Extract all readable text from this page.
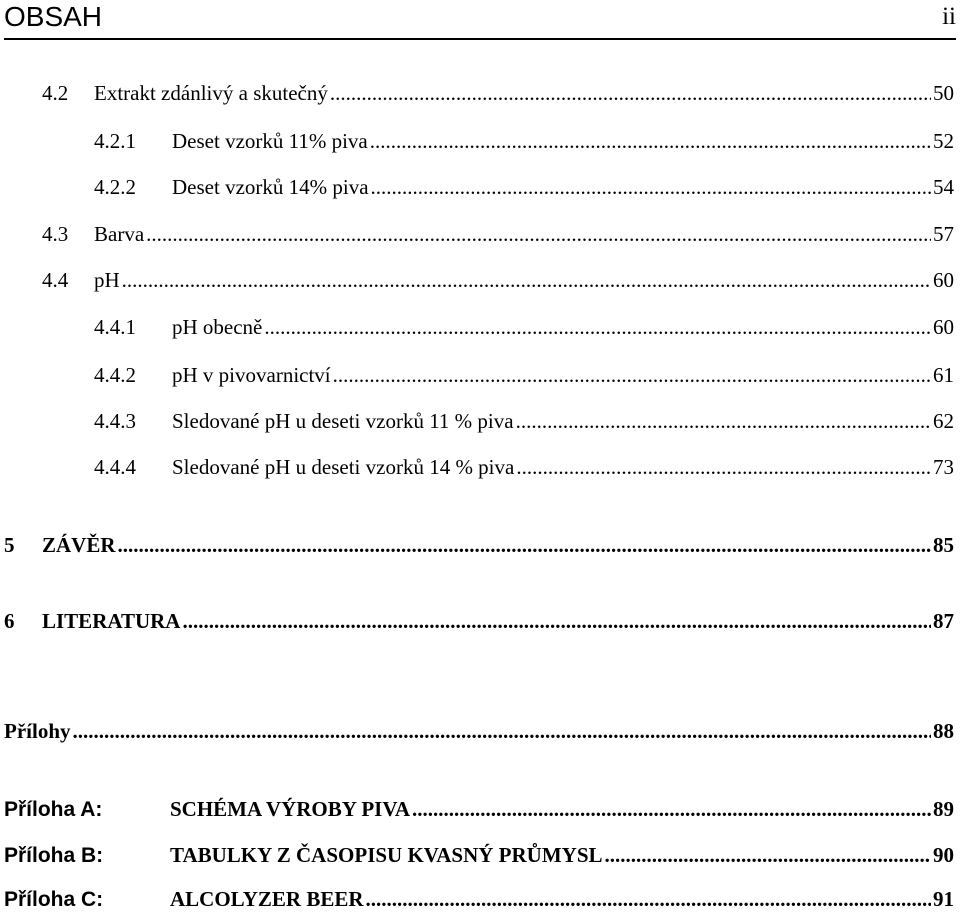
OBSAH	ii
4.2	Extrakt zdánlivý a skutečný .....	50
4.2.1	Deset vzorků 11% piva .....	52
4.2.2	Deset vzorků 14% piva .....	54
4.3	Barva .....	57
4.4	pH .....	60
4.4.1	pH obecně .....	60
4.4.2	pH v pivovarnictví .....	61
4.4.3	Sledované pH u deseti vzorků 11 % piva .....	62
4.4.4	Sledované pH u deseti vzorků 14 % piva .....	73
5	ZÁVĚR .....	85
6	LITERATURA .....	87
Přílohy .....	88
Příloha A:	SCHÉMA VÝROBY PIVA .....	89
Příloha B:	TABULKY Z ČASOPISU KVASNÝ PRŮMYSL .....	90
Příloha C:	ALCOLYZER BEER .....	91
